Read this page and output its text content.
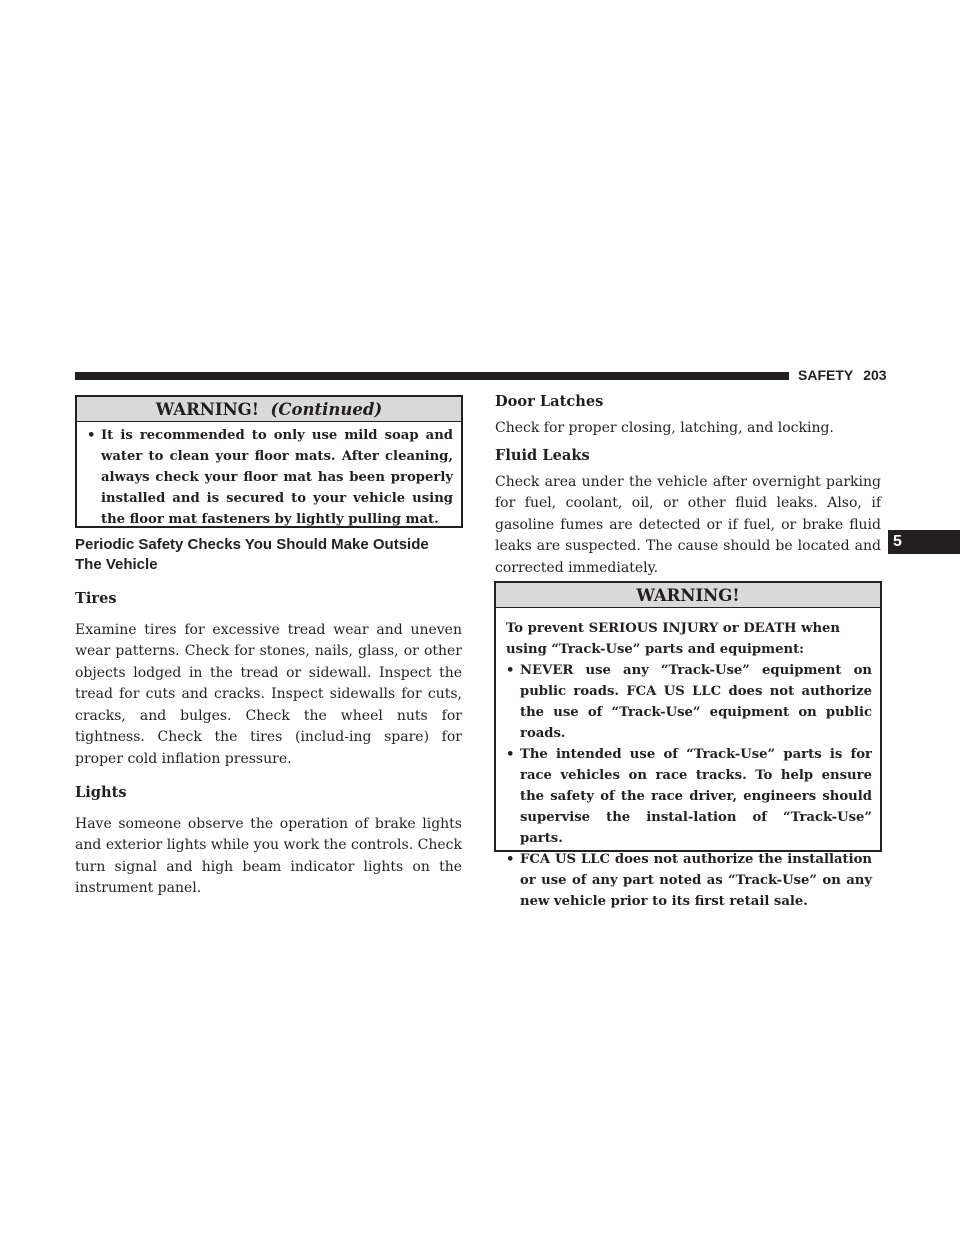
SAFETY 203
5
WARNING! (Continued)
• It is recommended to only use mild soap and water to clean your floor mats. After cleaning, always check your floor mat has been properly installed and is secured to your vehicle using the floor mat fasteners by lightly pulling mat.

Periodic Safety Checks You Should Make Outside
The Vehicle

Tires

Examine tires for excessive tread wear and uneven wear patterns. Check for stones, nails, glass, or other objects lodged in the tread or sidewall. Inspect the tread for cuts and cracks. Inspect sidewalls for cuts, cracks, and bulges. Check the wheel nuts for tightness. Check the tires (includ-ing spare) for proper cold inflation pressure.

Lights

Have someone observe the operation of brake lights and exterior lights while you work the controls. Check turn signal and high beam indicator lights on the instrument panel.

Door Latches

Check for proper closing, latching, and locking.

Fluid Leaks

Check area under the vehicle after overnight parking for fuel, coolant, oil, or other fluid leaks. Also, if gasoline fumes are detected or if fuel, or brake fluid leaks are suspected. The cause should be located and corrected immediately.

WARNING!
To prevent SERIOUS INJURY or DEATH when using “Track-Use” parts and equipment:
• NEVER use any “Track-Use” equipment on public roads. FCA US LLC does not authorize the use of “Track-Use” equipment on public roads.
• The intended use of “Track-Use” parts is for race vehicles on race tracks. To help ensure the safety of the race driver, engineers should supervise the instal-lation of “Track-Use” parts.
• FCA US LLC does not authorize the installation or use of any part noted as “Track-Use” on any new vehicle prior to its first retail sale.
